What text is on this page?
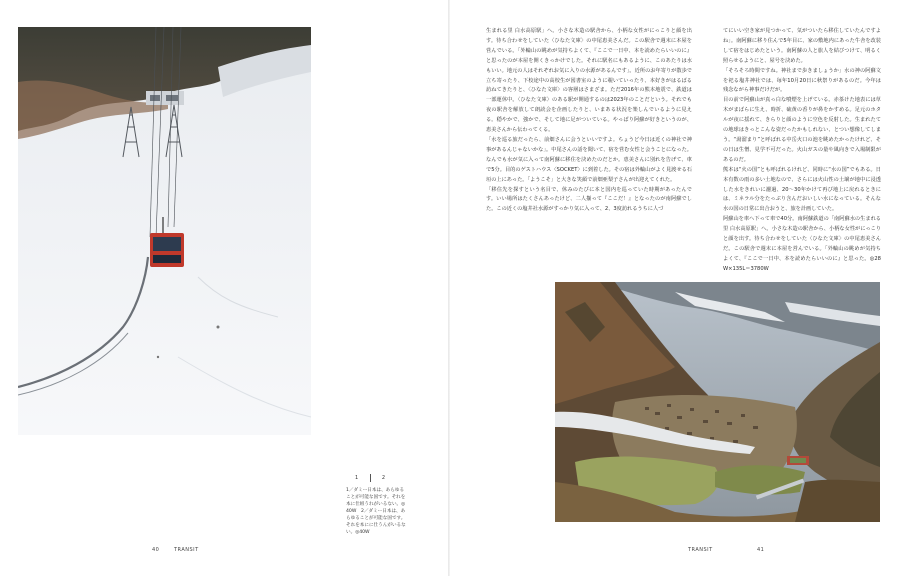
1	2
1／ダミー日本は、あらゆることが可能な国です。それを本に仕組うれがいるない。◎40W　2／ダミー日本は、あらゆることが可能な国です。それを本にに仕うんがいるない。◎40W
40	TRANSIT	TRANSIT	41

生まれる里 白水高原駅」へ。小さな木造の駅舎から、小柄な女性がにっこりと顔を出す。待ち合わせをしていた〈ひなた文庫〉の中尾恵美さんだ。この駅舎で週末に本屋を営んでいる。「外輪山の眺めが気持ちよくて、『ここで一日中、本を読めたらいいのに』と思ったのが本屋を開くきっかけでした。それに駅名にもあるように、このあたりは水もいい。地元の人はそれぞれお気に入りの水源があるんです」。近所のお年寄りが散歩で立ち寄ったり、下校途中の高校生が図書室のように覗いていったり、本好きがはるばる訪ねてきたりと、〈ひなた文庫〉の客層はさまざま。ただ2016年の熊本地震で、鉄道は一部運休中。〈ひなた文庫〉のある駅が開通するのは2023年のことだという。それでも夜の駅舎を解放して朗読会を企画したりと、いまある状況を楽しんでいるように見える。穏やかで、強かで、そして地に足がついている。やっぱり阿蘇が好きというのが、恵美さんから伝わってくる。

「水を巡る旅だったら、前畑さんに会うといいですよ。ちょうど今日は近くの神社で神事があるんじゃないかな」。中尾さんの話を聞いて、宿を営む女性と会うことになった。なんでも水が気に入って南阿蘇に移住を決めたのだとか。恵美さんに別れを告げて、車で5分。目的のゲストハウス〈SOCKET〉に到着した。その宿は外輪山がよく見渡せる石垣の上にあった。「ようこそ」と大きな笑顔で前畑亜梨子さんが出迎えてくれた。

「移住先を探すという名目で、休みのたびに本と国内を巡っていた時期があったんです。いい場所はたくさんあったけど、二人揃って『ここだ！』となったのが南阿蘇でした。この近くの塩井社水源がすっかり気に入って、2、3度訪れるうちに人づ

てにいい空き家が見つかって、気がついたら移住していたんですよね」。南阿蘇に移り住んで5年目に、家の敷地内にあった牛舎を改装して宿をはじめたという。南阿蘇の人と旅人を結びつけて、明るく照らせるようにと、屋号を決めた。

「そろそろ時間ですね。神社まで歩きましょうか」水の神の阿蘇文を祀る塩井神社では、毎年10月20日に秋祭りがあるのだ。今年は残念ながら神事だけだが。

目の前で阿蘇山が真っ白な噴煙を上げている。赤茶けた地表には草木がまばらに生え、時折、硫黄の香りが鼻をかすめる。足元のホタルが夜に揺れて、きらりと顔のように空色を反射した。生まれたての地球はきっとこんな姿だったかもしれない、とつい想像してしまう。“湯溜まり”と呼ばれる中岳火口の池を眺めたかったけれど、その日は生憎、見学不可だった。火山ガスの量や風向きで入場制限があるのだ。

熊本は“火の国”とも呼ばれるけれど、同時に“水の国”でもある。日本有数の雨の多い土地なので、さらには火山性の土壌が地中に浸透した水をきれいに濾過、20〜30年かけて再び地上に戻れるときには、ミネラル分をたっぷり含んだおいしい水になっている。そんな水の国の日常に出合おうと、旅を計画していた。

阿蘇山を車へ下って車で40分。南阿蘇鉄道の「南阿蘇水の生まれる里 白水高原駅」へ。小さな木造の駅舎から、小柄な女性がにっこりと顔を出す。待ち合わせをしていた〈ひなた文庫〉の中尾恵美さんだ。この駅舎で週末に本屋を営んでいる。「外輪山の眺めが気持ちよくて、『ここで一日中、本を読めたらいいのに』と思った。◎28W×135L＝3780W
